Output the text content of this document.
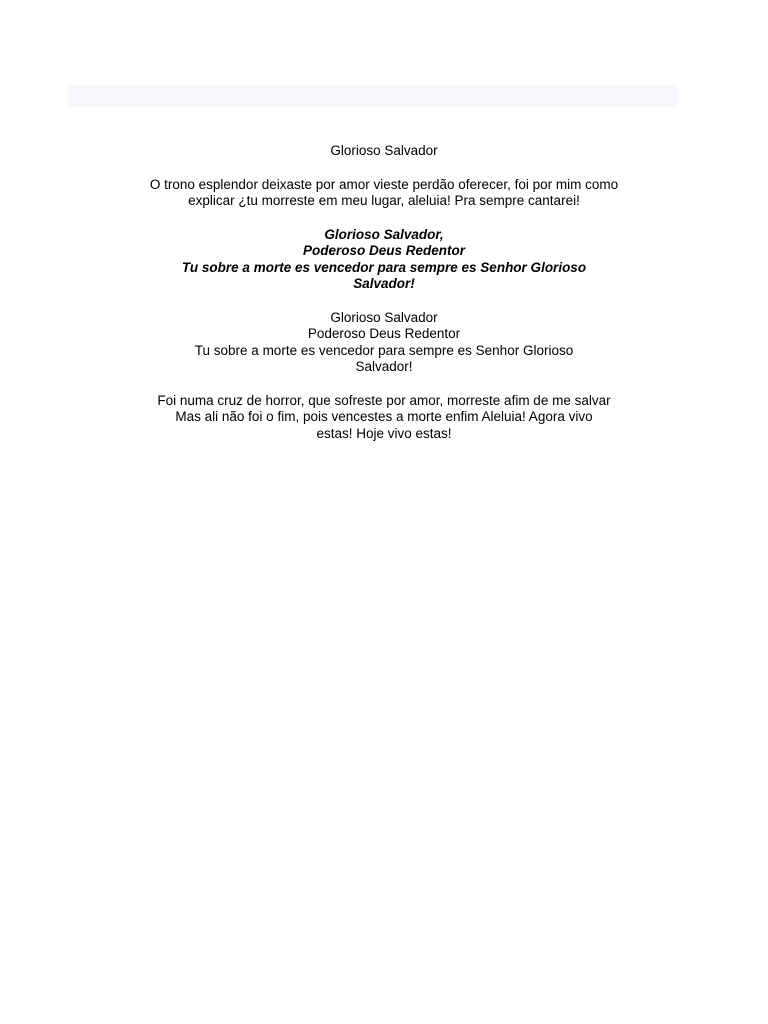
Glorioso Salvador

O trono esplendor deixaste por amor vieste perdão oferecer, foi por mim como explicar ¿tu morreste em meu lugar, aleluia! Pra sempre cantarei!

Glorioso Salvador,
Poderoso Deus Redentor
Tu sobre a morte es vencedor para sempre es Senhor Glorioso Salvador!

Glorioso Salvador
Poderoso Deus Redentor
Tu sobre a morte es vencedor para sempre es Senhor Glorioso Salvador!

Foi numa cruz de horror, que sofreste por amor, morreste afim de me salvar
Mas ali não foi o fim, pois vencestes a morte enfim Aleluia! Agora vivo estas! Hoje vivo estas!
